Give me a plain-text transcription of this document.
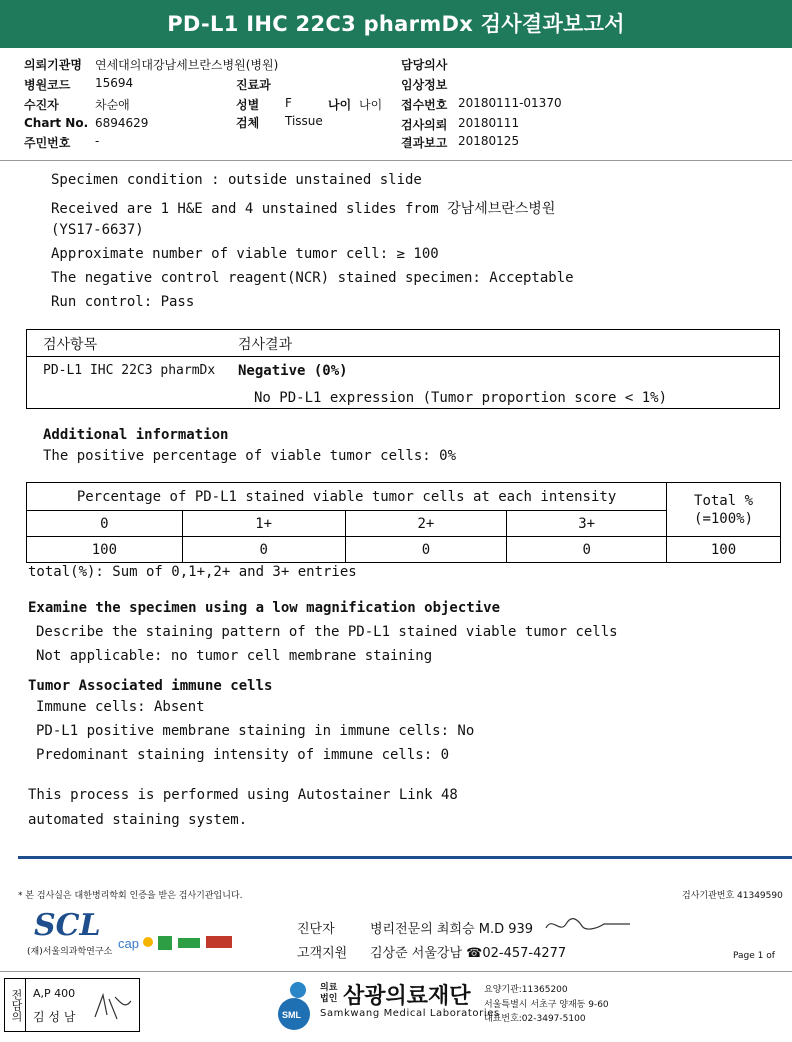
PD-L1 IHC 22C3 pharmDx 검사결과보고서
의뢰기관명 연세대의대강남세브란스병원(병원)	담당의사
병원코드 15694	진료과	임상정보
수진자	차순애	성별 F	나이 나이 접수번호 20180111-01370
Chart No. 6894629	검체 Tissue	검사의뢰 20180111
주민번호 -	결과보고 20180125
Specimen condition : outside unstained slide
Received are 1 H&E and 4 unstained slides from 강남세브란스병원
(YS17-6637)
Approximate number of viable tumor cell: ≥ 100
The negative control reagent(NCR) stained specimen: Acceptable
Run control: Pass
검사항목	검사결과
PD-L1 IHC 22C3 pharmDx Negative (0%)
No PD-L1 expression (Tumor proportion score < 1%)
Additional information
The positive percentage of viable tumor cells: 0%
Percentage of PD-L1 stained viable tumor cells at each intensity				Total %
(=100%)

0	1+	2+	3+	
100	0	0	0	100
total(%): Sum of 0,1+,2+ and 3+ entries
Examine the specimen using a low magnification objective
Describe the staining pattern of the PD-L1 stained viable tumor cells
Not applicable: no tumor cell membrane staining
Tumor Associated immune cells
Immune cells: Absent
PD-L1 positive membrane staining in immune cells: No
Predominant staining intensity of immune cells: 0
This process is performed using Autostainer Link 48
automated staining system.
* 본 검사실은 대한병리학회 인증을 받은 검사기관입니다.	검사기관번호 41349590
SCL
(재)서울의과학연구소
cap
진단자	병리전문의 최희승 M.D 939
고객지원 김상준 서울강남 ☎02-457-4277	Page 1 of
전담의 A,P 400
김 성 남	SML
의료
법인 삼광의료재단
Samkwang Medical Laboratories
요양기관:11365200
서울특별시 서초구 양재동 9-60
대표번호:02-3497-5100
